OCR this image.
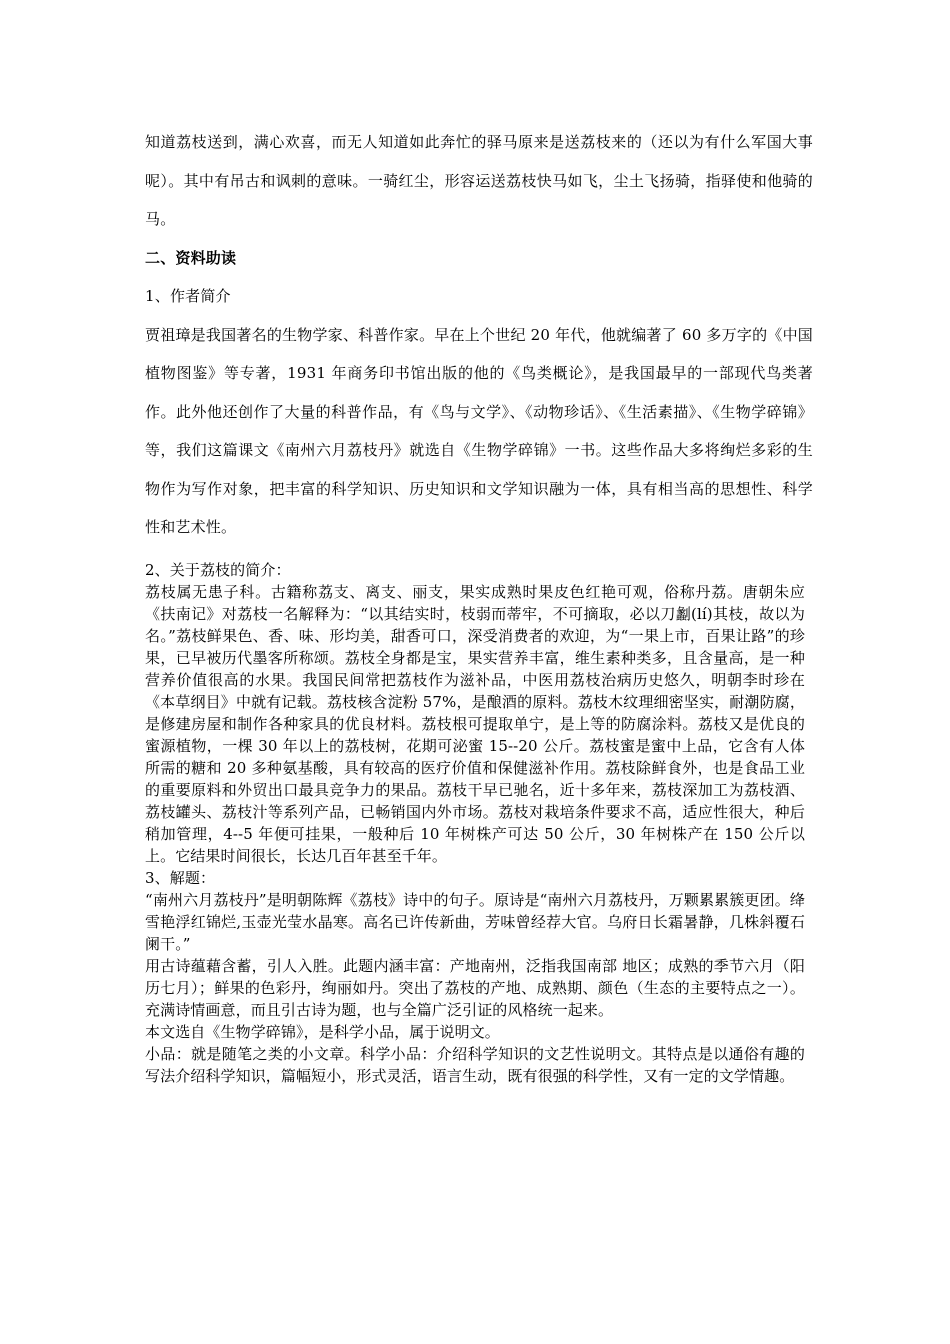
知道荔枝送到，满心欢喜，而无人知道如此奔忙的驿马原来是送荔枝来的（还以为有什么军国大事呢）。其中有吊古和讽刺的意味。一骑红尘，形容运送荔枝快马如飞，尘土飞扬骑，指驿使和他骑的马。

二、资料助读

1、作者简介

贾祖璋是我国著名的生物学家、科普作家。早在上个世纪 20 年代，他就编著了 60 多万字的《中国植物图鉴》等专著，1931 年商务印书馆出版的他的《鸟类概论》，是我国最早的一部现代鸟类著作。此外他还创作了大量的科普作品，有《鸟与文学》、《动物珍话》、《生活素描》、《生物学碎锦》等，我们这篇课文《南州六月荔枝丹》就选自《生物学碎锦》一书。这些作品大多将绚烂多彩的生物作为写作对象，把丰富的科学知识、历史知识和文学知识融为一体，具有相当高的思想性、科学性和艺术性。

2、关于荔枝的简介：

荔枝属无患子科。古籍称荔支、离支、丽支，果实成熟时果皮色红艳可观，俗称丹荔。唐朝朱应《扶南记》对荔枝一名解释为：“以其结实时，枝弱而蒂牢，不可摘取，必以刀劙(lí)其枝，故以为名。”荔枝鲜果色、香、味、形均美，甜香可口，深受消费者的欢迎，为“一果上市，百果让路”的珍果，已早被历代墨客所称颂。荔枝全身都是宝，果实营养丰富，维生素种类多，且含量高，是一种营养价值很高的水果。我国民间常把荔枝作为滋补品，中医用荔枝治病历史悠久，明朝李时珍在《本草纲目》中就有记载。荔枝核含淀粉 57%，是酿酒的原料。荔枝木纹理细密坚实，耐潮防腐，是修建房屋和制作各种家具的优良材料。荔枝根可提取单宁，是上等的防腐涂料。荔枝又是优良的蜜源植物，一棵 30 年以上的荔枝树，花期可泌蜜 15--20 公斤。荔枝蜜是蜜中上品，它含有人体所需的糖和 20 多种氨基酸，具有较高的医疗价值和保健滋补作用。荔枝除鲜食外，也是食品工业的重要原料和外贸出口最具竞争力的果品。荔枝干早已驰名，近十多年来，荔枝深加工为荔枝酒、荔枝罐头、荔枝汁等系列产品，已畅销国内外市场。荔枝对栽培条件要求不高，适应性很大，种后稍加管理，4--5 年便可挂果，一般种后 10 年树株产可达 50 公斤，30 年树株产在 150 公斤以上。它结果时间很长，长达几百年甚至千年。

3、解题：

“南州六月荔枝丹”是明朝陈辉《荔枝》诗中的句子。原诗是“南州六月荔枝丹，万颗累累簇更团。绛雪艳浮红锦烂,玉壶光莹水晶寒。高名已许传新曲，芳味曾经荐大官。乌府日长霜暑静，几株斜覆石阑干。”

用古诗蕴藉含蓄，引人入胜。此题内涵丰富：产地南州，泛指我国南部 地区；成熟的季节六月（阳历七月）；鲜果的色彩丹，绚丽如丹。突出了荔枝的产地、成熟期、颜色（生态的主要特点之一）。充满诗情画意，而且引古诗为题，也与全篇广泛引证的风格统一起来。

本文选自《生物学碎锦》，是科学小品，属于说明文。

小品：就是随笔之类的小文章。科学小品：介绍科学知识的文艺性说明文。其特点是以通俗有趣的写法介绍科学知识，篇幅短小，形式灵活，语言生动，既有很强的科学性，又有一定的文学情趣。
